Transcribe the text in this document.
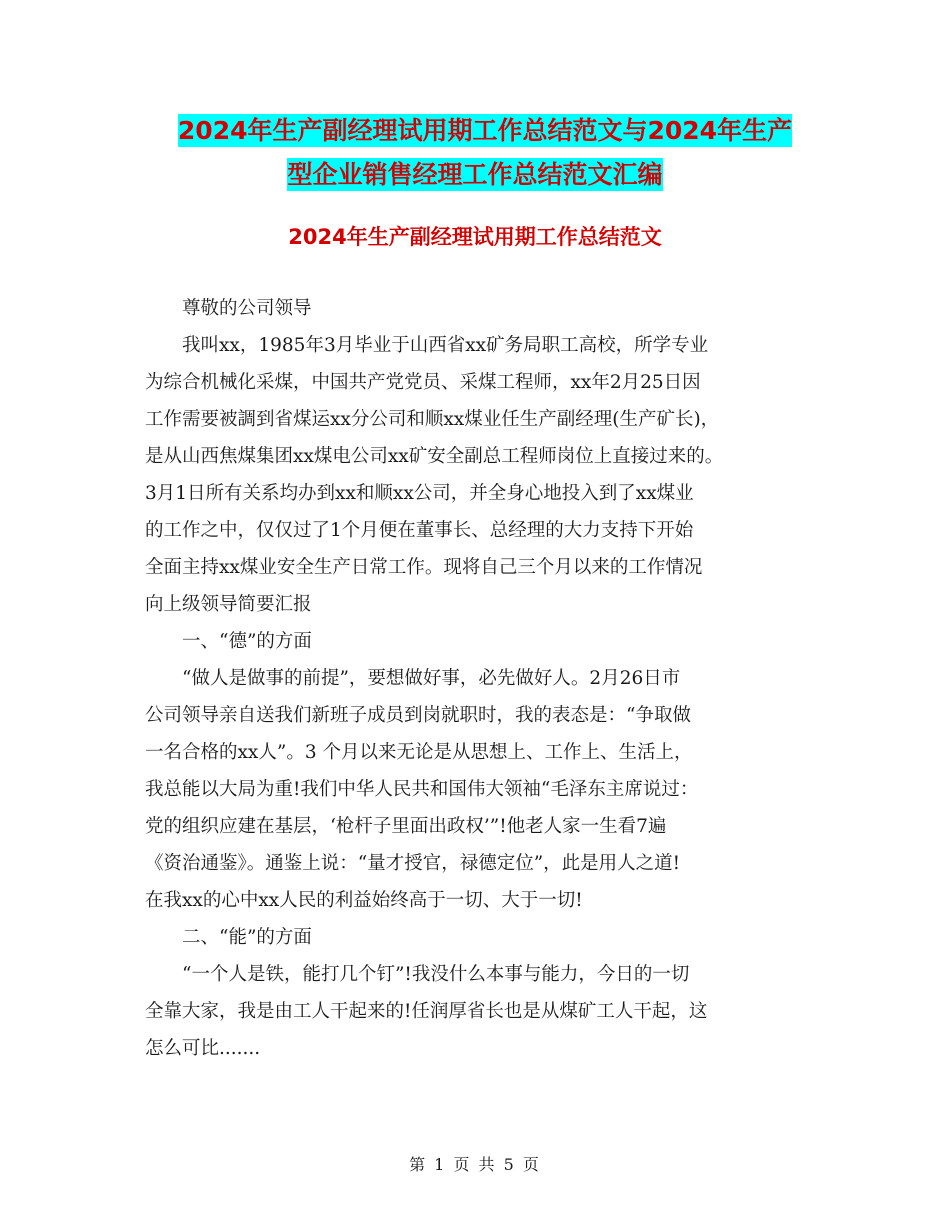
2024年生产副经理试用期工作总结范文与2024年生产
型企业销售经理工作总结范文汇编
2024年生产副经理试用期工作总结范文
尊敬的公司领导
我叫xx，1985年3月毕业于山西省xx矿务局职工高校，所学专业
为综合机械化采煤，中国共产党党员、采煤工程师，xx年2月25日因
工作需要被調到省煤运xx分公司和顺xx煤业任生产副经理(生产矿长)，
是从山西焦煤集团xx煤电公司xx矿安全副总工程师岗位上直接过来的。
3月1日所有关系均办到xx和顺xx公司，并全身心地投入到了xx煤业
的工作之中，仅仅过了1个月便在董事长、总经理的大力支持下开始
全面主持xx煤业安全生产日常工作。现将自己三个月以来的工作情况
向上级领导简要汇报
一、“德”的方面
“做人是做事的前提”，要想做好事，必先做好人。2月26日市
公司领导亲自送我们新班子成员到岗就职时，我的表态是：“争取做
一名合格的xx人”。3 个月以来无论是从思想上、工作上、生活上，
我总能以大局为重!我们中华人民共和国伟大领袖“毛泽东主席说过：
党的组织应建在基层，‘枪杆子里面出政权’”!他老人家一生看7遍
《资治通鉴》。通鉴上说：“量才授官，禄德定位”，此是用人之道!
在我xx的心中xx人民的利益始终高于一切、大于一切!
二、“能”的方面
“一个人是铁，能打几个钉”!我没什么本事与能力，今日的一切
全靠大家，我是由工人干起来的!任润厚省长也是从煤矿工人干起，这
怎么可比.......
第 1 页 共 5 页
